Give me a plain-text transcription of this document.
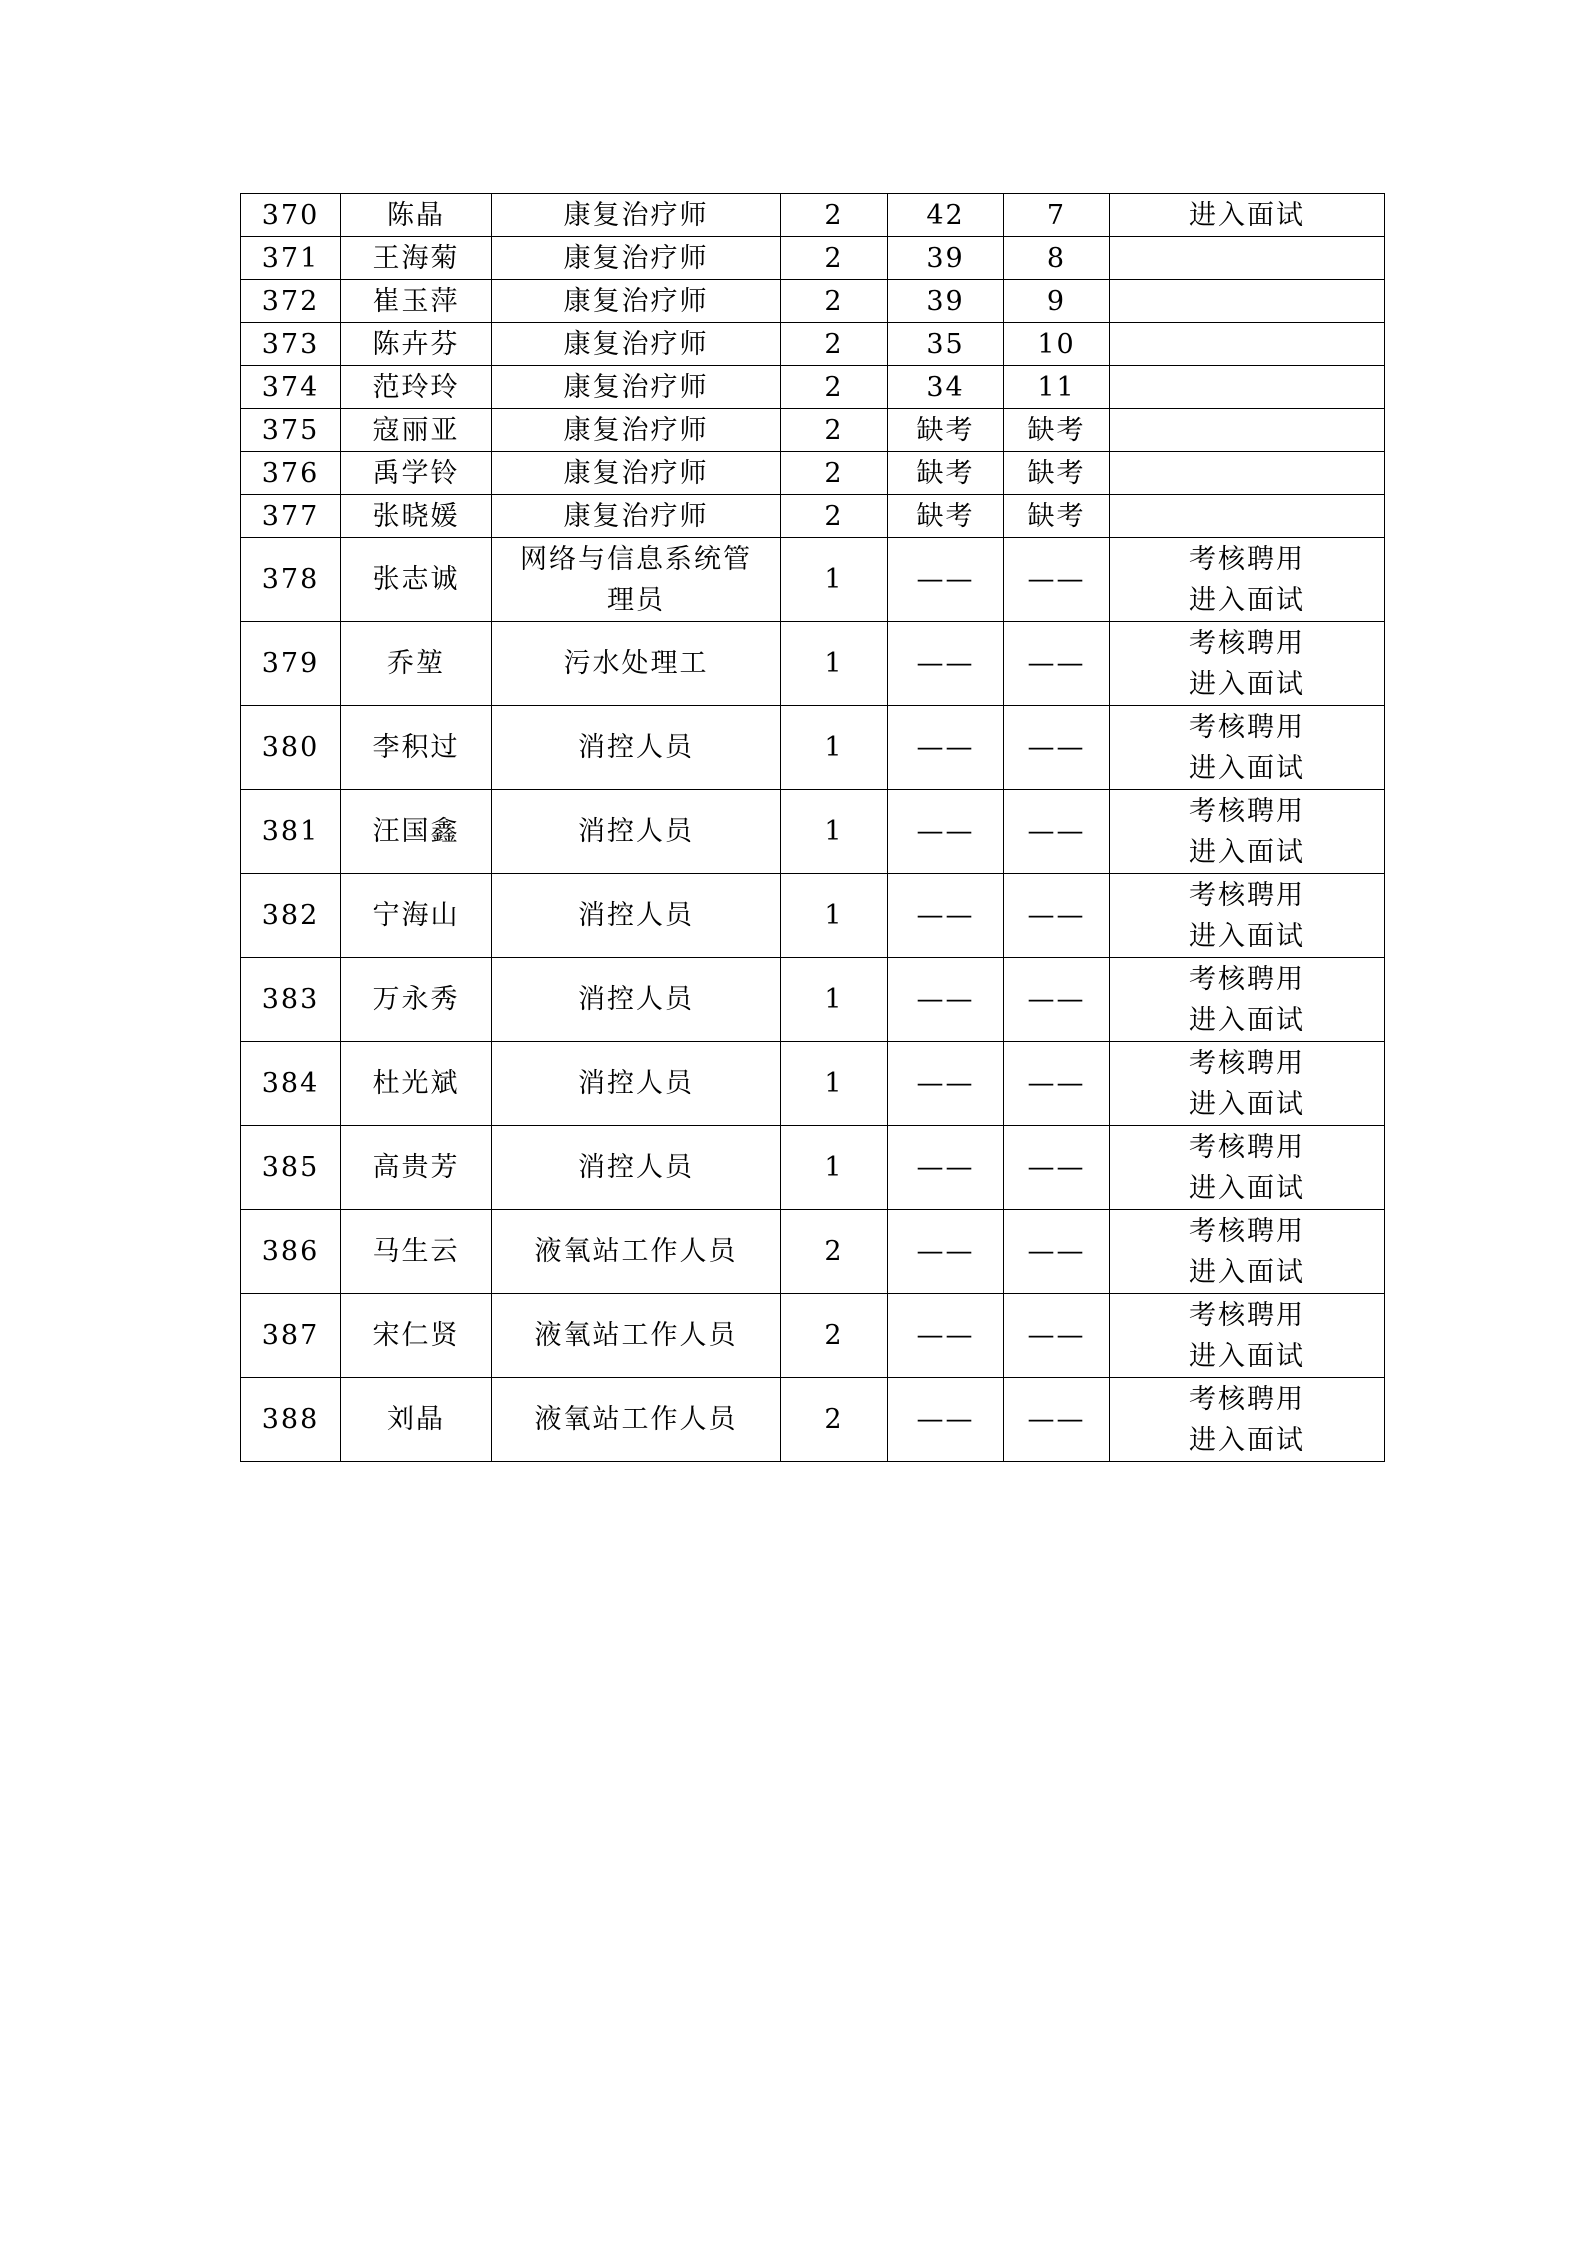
370	陈晶	康复治疗师	2	42	7	进入面试

371	王海菊	康复治疗师	2	39	8	
372	崔玉萍	康复治疗师	2	39	9	
373	陈卉芬	康复治疗师	2	35	10	
374	范玲玲	康复治疗师	2	34	11	
375	寇丽亚	康复治疗师	2	缺考	缺考	
376	禹学铃	康复治疗师	2	缺考	缺考	
377	张晓媛	康复治疗师	2	缺考	缺考	
378	张志诚	网络与信息系统管
理员	1	——	——	考核聘用
进入面试

379	乔堃	污水处理工	1	——	——	考核聘用
进入面试

380	李积过	消控人员	1	——	——	考核聘用
进入面试

381	汪国鑫	消控人员	1	——	——	考核聘用
进入面试

382	宁海山	消控人员	1	——	——	考核聘用
进入面试

383	万永秀	消控人员	1	——	——	考核聘用
进入面试

384	杜光斌	消控人员	1	——	——	考核聘用
进入面试

385	高贵芳	消控人员	1	——	——	考核聘用
进入面试

386	马生云	液氧站工作人员	2	——	——	考核聘用
进入面试

387	宋仁贤	液氧站工作人员	2	——	——	考核聘用
进入面试

388	刘晶	液氧站工作人员	2	——	——	考核聘用
进入面试
